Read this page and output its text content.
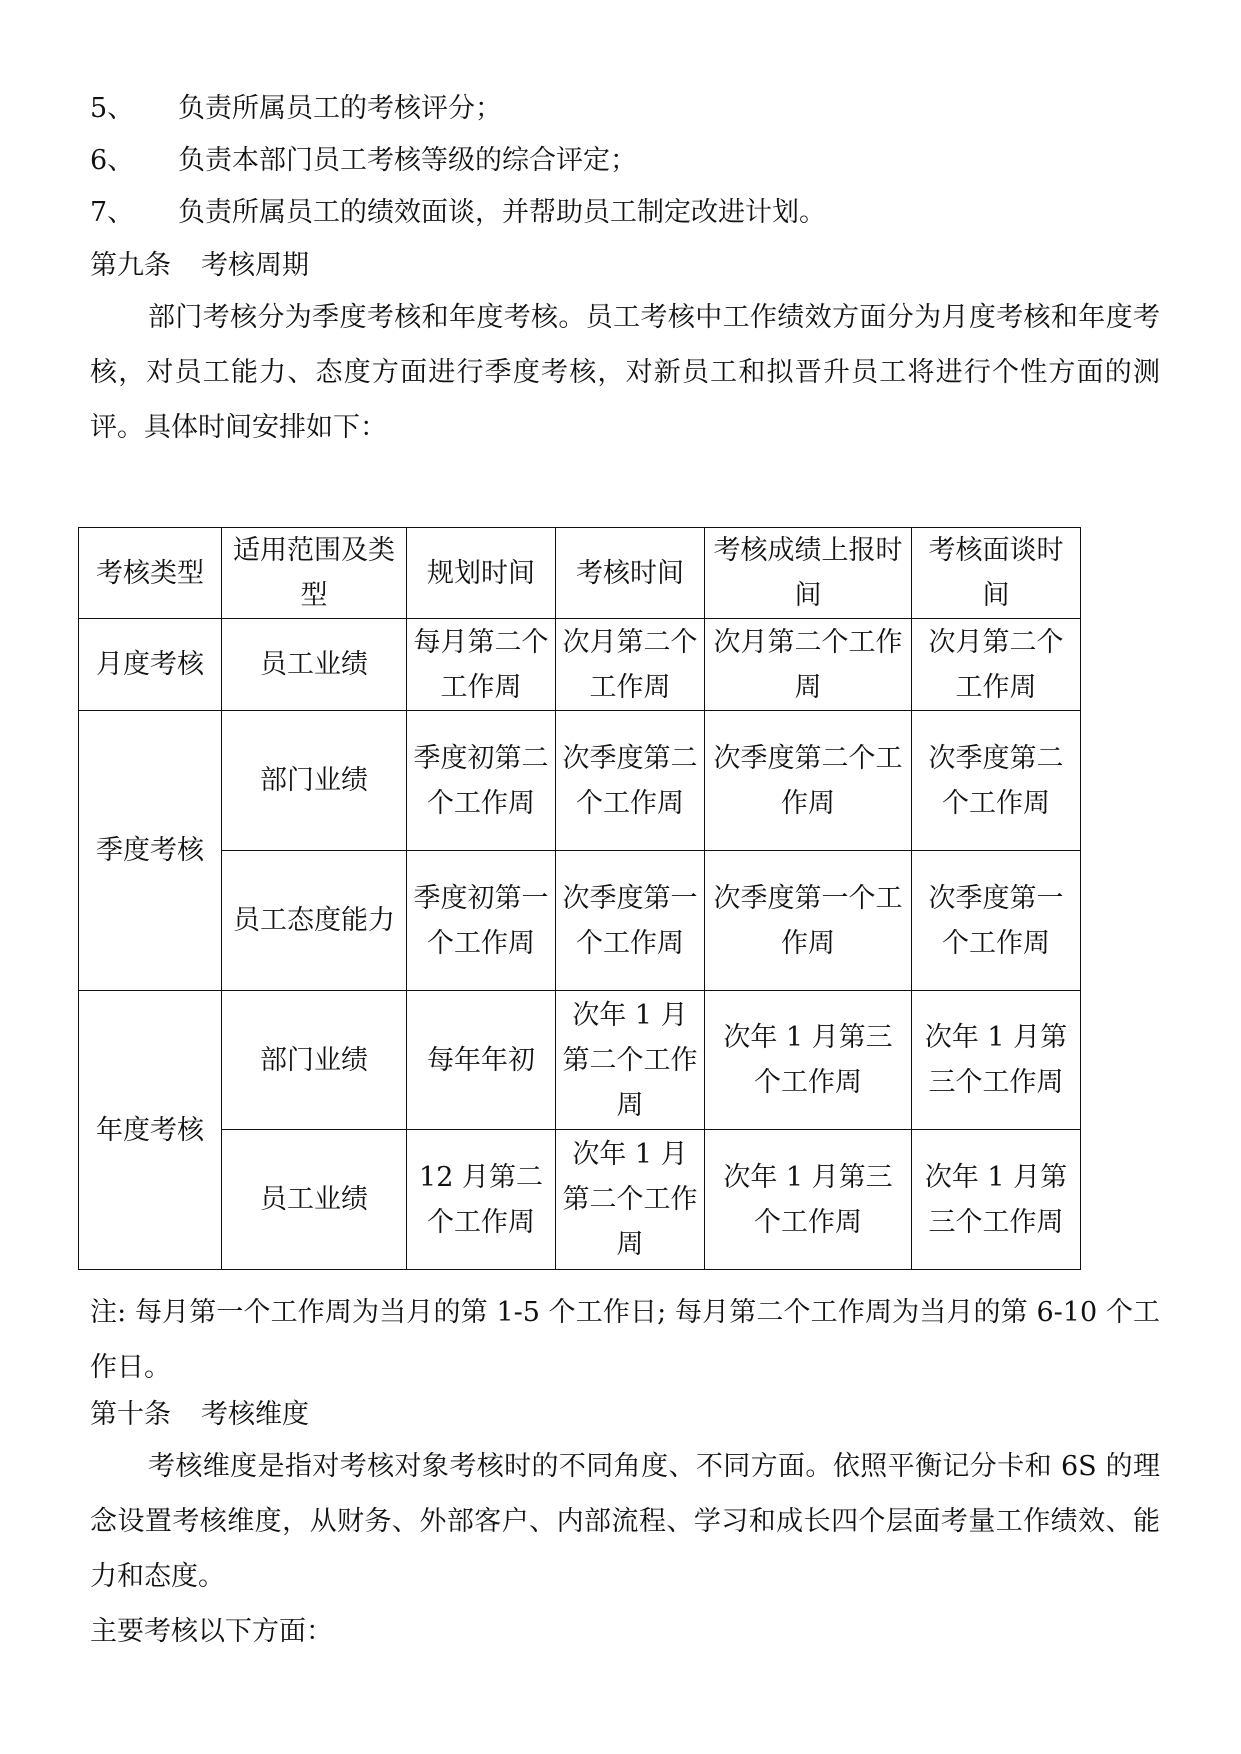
5、 负责所属员工的考核评分；
6、 负责本部门员工考核等级的综合评定；
7、 负责所属员工的绩效面谈，并帮助员工制定改进计划。
第九条 考核周期
部门考核分为季度考核和年度考核。员工考核中工作绩效方面分为月度考核和年度考核，对员工能力、态度方面进行季度考核，对新员工和拟晋升员工将进行个性方面的测评。具体时间安排如下：
考核类型	适用范围及类型	规划时间	考核时间	考核成绩上报时间	考核面谈时间
月度考核	员工业绩	每月第二个工作周	次月第二个工作周	次月第二个工作周	次月第二个工作周
季度考核	部门业绩	季度初第二个工作周	次季度第二个工作周	次季度第二个工作周	次季度第二个工作周
	员工态度能力	季度初第一个工作周	次季度第一个工作周	次季度第一个工作周	次季度第一个工作周
年度考核	部门业绩	每年年初	次年 1 月第二个工作周	次年 1 月第三个工作周	次年 1 月第三个工作周
	员工业绩	12 月第二个工作周	次年 1 月第二个工作周	次年 1 月第三个工作周	次年 1 月第三个工作周
注: 每月第一个工作周为当月的第 1-5 个工作日; 每月第二个工作周为当月的第 6-10 个工作日。
第十条 考核维度
考核维度是指对考核对象考核时的不同角度、不同方面。依照平衡记分卡和 6S 的理念设置考核维度，从财务、外部客户、内部流程、学习和成长四个层面考量工作绩效、能力和态度。
主要考核以下方面：
